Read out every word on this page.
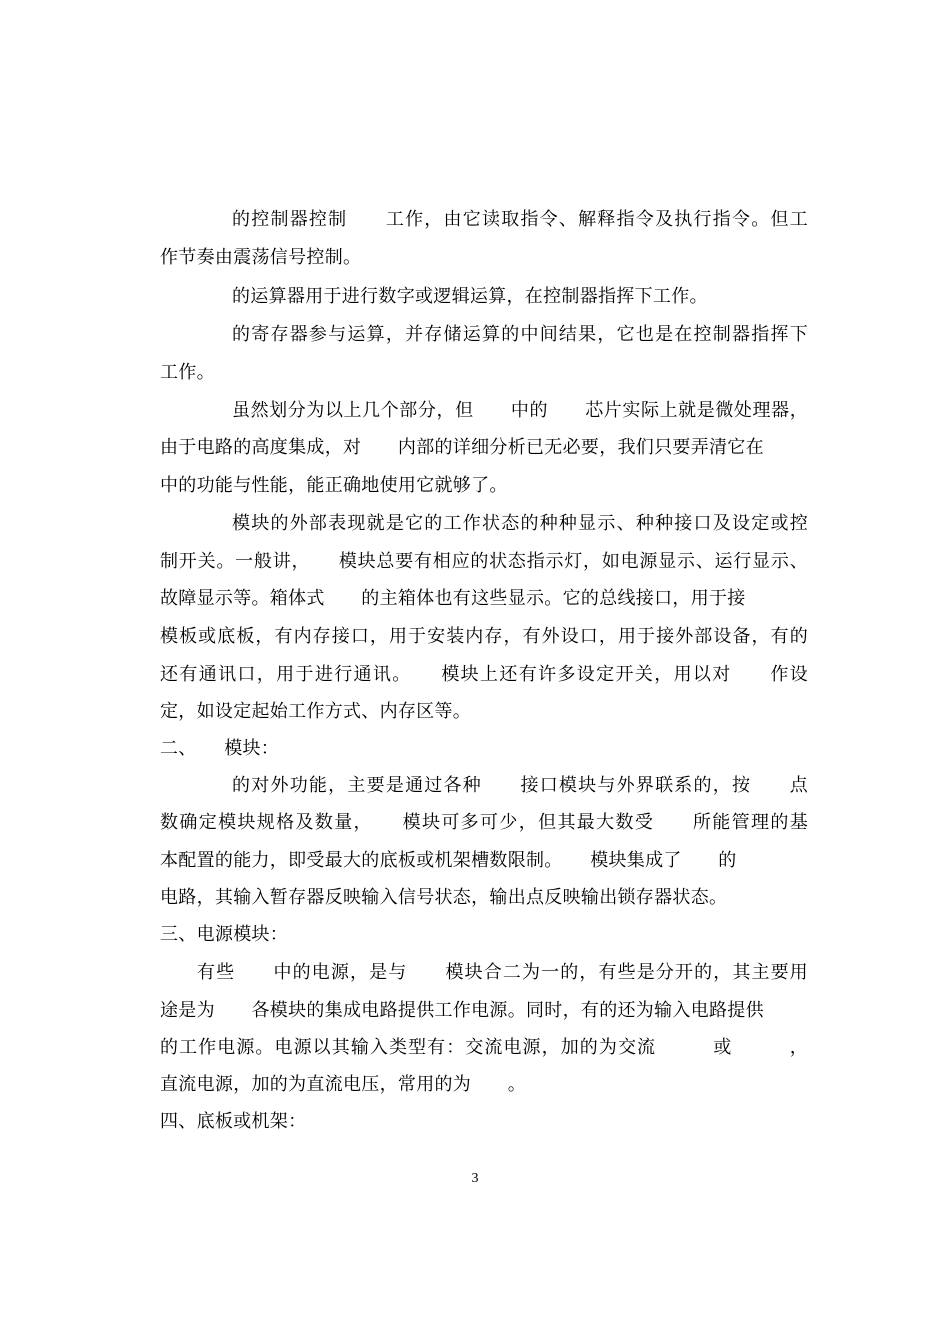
的控制器控制　　工作，由它读取指令、解释指令及执行指令。但工
作节奏由震荡信号控制。
的运算器用于进行数字或逻辑运算，在控制器指挥下工作。
的寄存器参与运算，并存储运算的中间结果，它也是在控制器指挥下
工作。
虽然划分为以上几个部分，但　　中的　　芯片实际上就是微处理器，
由于电路的高度集成，对　　内部的详细分析已无必要，我们只要弄清它在
中的功能与性能，能正确地使用它就够了。
模块的外部表现就是它的工作状态的种种显示、种种接口及设定或控
制开关。一般讲，　　模块总要有相应的状态指示灯，如电源显示、运行显示、
故障显示等。箱体式　　的主箱体也有这些显示。它的总线接口，用于接
模板或底板，有内存接口，用于安装内存，有外设口，用于接外部设备，有的
还有通讯口，用于进行通讯。　　模块上还有许多设定开关，用以对　　作设
定，如设定起始工作方式、内存区等。
二、　　模块：
的对外功能，主要是通过各种　　接口模块与外界联系的，按　　点
数确定模块规格及数量，　　模块可多可少，但其最大数受　　所能管理的基
本配置的能力，即受最大的底板或机架槽数限制。　　模块集成了　　的
电路，其输入暂存器反映输入信号状态，输出点反映输出锁存器状态。
三、电源模块：
有些　　中的电源，是与　　模块合二为一的，有些是分开的，其主要用
途是为　　各模块的集成电路提供工作电源。同时，有的还为输入电路提供
的工作电源。电源以其输入类型有：交流电源，加的为交流　　　或　　　，
直流电源，加的为直流电压，常用的为　　。
四、底板或机架：
3
